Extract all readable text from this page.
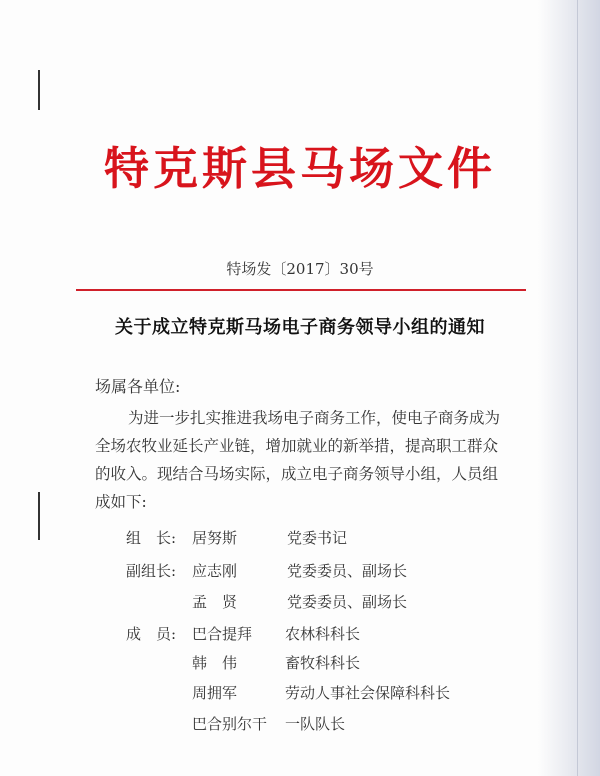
特克斯县马场文件
特场发〔2017〕30号
关于成立特克斯马场电子商务领导小组的通知
场属各单位:
为进一步扎实推进我场电子商务工作，使电子商务成为
全场农牧业延长产业链，增加就业的新举措，提高职工群众
的收入。现结合马场实际，成立电子商务领导小组，人员组
成如下:
组　长: 居努斯	党委书记
副组长: 应志刚	党委委员、副场长
孟　贤	党委委员、副场长
成　员: 巴合提拜 农林科科长
韩　伟	畜牧科科长
周拥军	劳动人事社会保障科科长
巴合别尔干 一队队长
